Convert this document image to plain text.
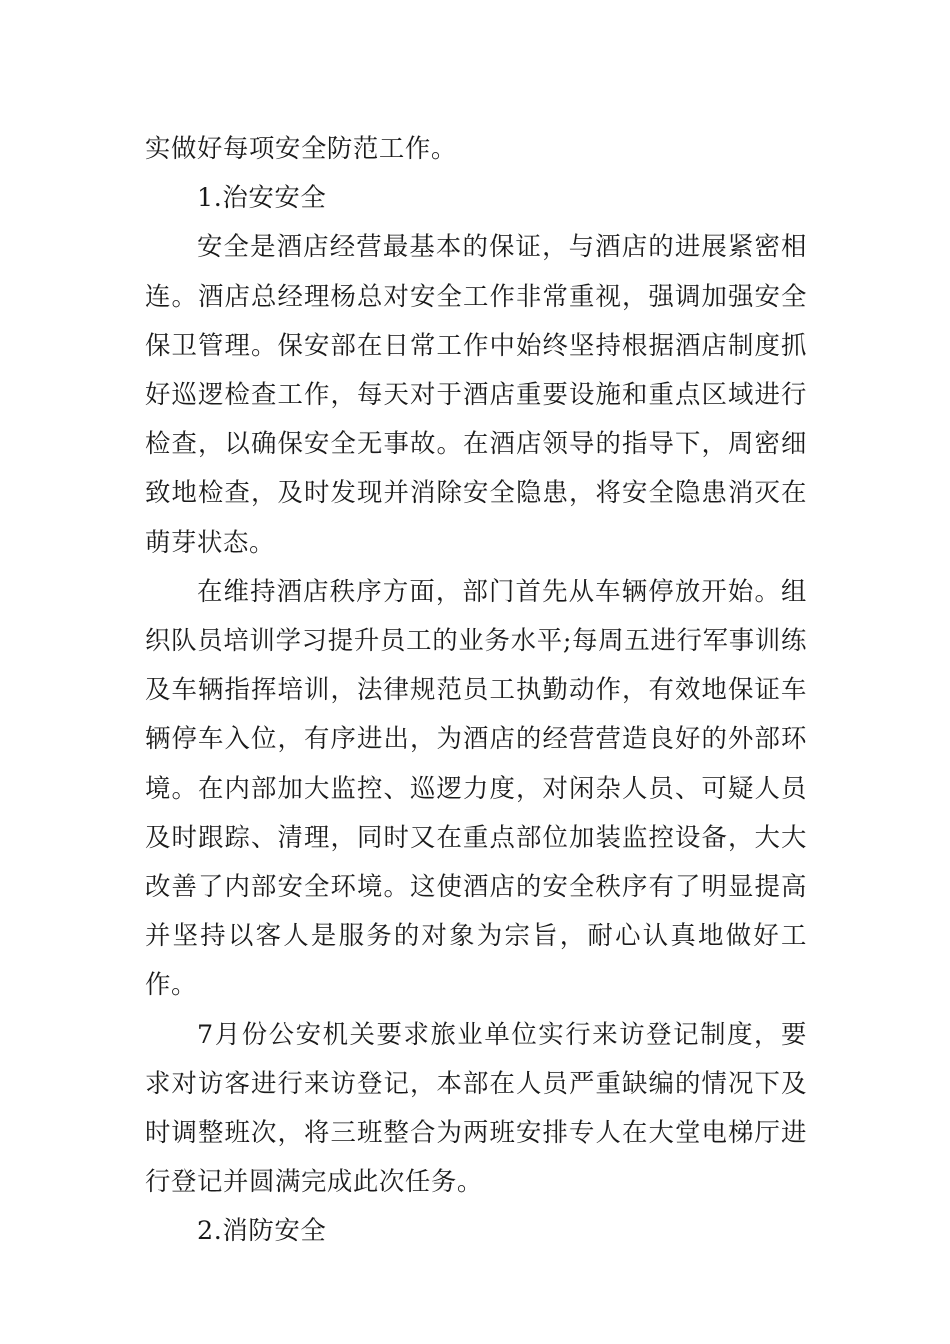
实做好每项安全防范工作。

1.治安安全

安全是酒店经营最基本的保证，与酒店的进展紧密相连。酒店总经理杨总对安全工作非常重视，强调加强安全保卫管理。保安部在日常工作中始终坚持根据酒店制度抓好巡逻检查工作，每天对于酒店重要设施和重点区域进行检查，以确保安全无事故。在酒店领导的指导下，周密细致地检查，及时发现并消除安全隐患，将安全隐患消灭在萌芽状态。

在维持酒店秩序方面，部门首先从车辆停放开始。组织队员培训学习提升员工的业务水平;每周五进行军事训练及车辆指挥培训，法律规范员工执勤动作，有效地保证车辆停车入位，有序进出，为酒店的经营营造良好的外部环境。在内部加大监控、巡逻力度，对闲杂人员、可疑人员及时跟踪、清理，同时又在重点部位加装监控设备，大大改善了内部安全环境。这使酒店的安全秩序有了明显提高并坚持以客人是服务的对象为宗旨，耐心认真地做好工作。

7月份公安机关要求旅业单位实行来访登记制度，要求对访客进行来访登记，本部在人员严重缺编的情况下及时调整班次，将三班整合为两班安排专人在大堂电梯厅进行登记并圆满完成此次任务。

2.消防安全
